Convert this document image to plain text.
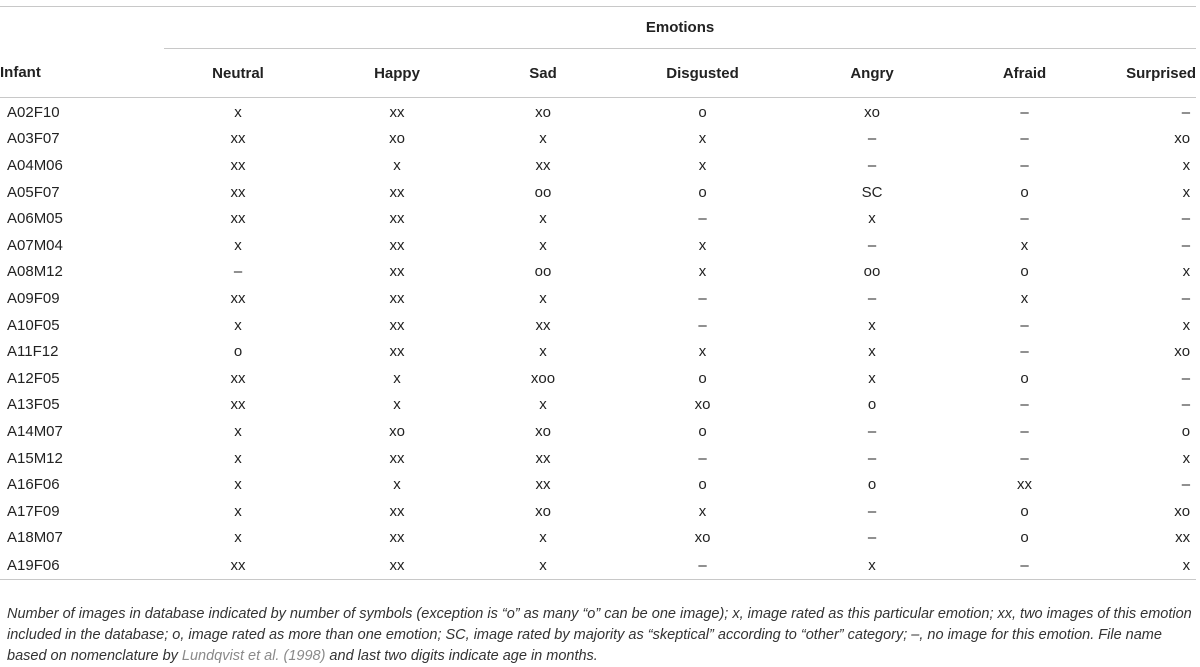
	Emotions						
Infant	Neutral	Happy	Sad	Disgusted	Angry	Afraid	Surprised
A02F10	x	xx	xo	o	xo	–	–
A03F07	xx	xo	x	x	–	–	xo
A04M06	xx	x	xx	x	–	–	x
A05F07	xx	xx	oo	o	SC	o	x
A06M05	xx	xx	x	–	x	–	–
A07M04	x	xx	x	x	–	x	–
A08M12	–	xx	oo	x	oo	o	x
A09F09	xx	xx	x	–	–	x	–
A10F05	x	xx	xx	–	x	–	x
A11F12	o	xx	x	x	x	–	xo
A12F05	xx	x	xoo	o	x	o	–
A13F05	xx	x	x	xo	o	–	–
A14M07	x	xo	xo	o	–	–	o
A15M12	x	xx	xx	–	–	–	x
A16F06	x	x	xx	o	o	xx	–
A17F09	x	xx	xo	x	–	o	xo
A18M07	x	xx	x	xo	–	o	xx
A19F06	xx	xx	x	–	x	–	x

Number of images in database indicated by number of symbols (exception is “o” as many “o” can be one image); x, image rated as this particular emotion; xx, two images of this emotion included in the database; o, image rated as more than one emotion; SC, image rated by majority as “skeptical” according to “other” category; –, no image for this emotion. File name based on nomenclature by Lundqvist et al. (1998) and last two digits indicate age in months.
